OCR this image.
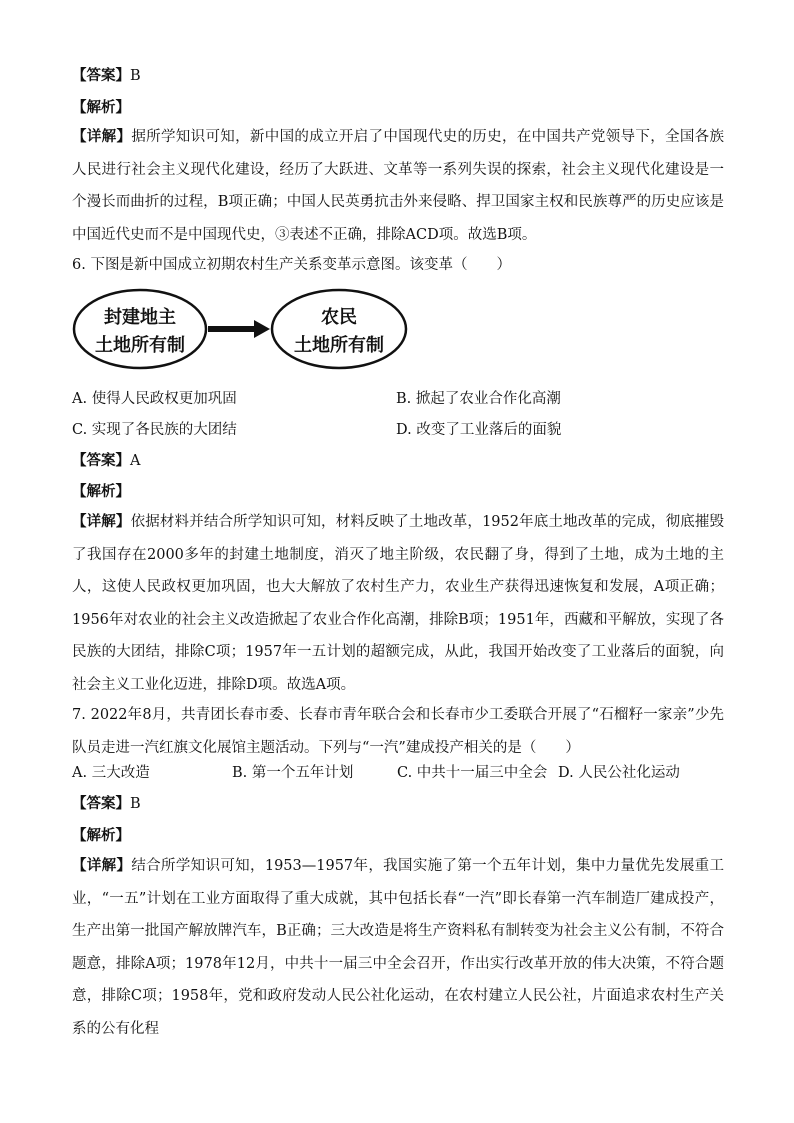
【答案】B
【解析】
【详解】据所学知识可知，新中国的成立开启了中国现代史的历史，在中国共产党领导下，全国各族人民进行社会主义现代化建设，经历了大跃进、文革等一系列失误的探索，社会主义现代化建设是一个漫长而曲折的过程，B项正确；中国人民英勇抗击外来侵略、捍卫国家主权和民族尊严的历史应该是中国近代史而不是中国现代史，③表述不正确，排除ACD项。故选B项。
6. 下图是新中国成立初期农村生产关系变革示意图。该变革（　　）
封建地主
土地所有制
农民
土地所有制
A. 使得人民政权更加巩固	B. 掀起了农业合作化高潮
C. 实现了各民族的大团结	D. 改变了工业落后的面貌
【答案】A
【解析】
【详解】依据材料并结合所学知识可知，材料反映了土地改革，1952年底土地改革的完成，彻底摧毁了我国存在2000多年的封建土地制度，消灭了地主阶级，农民翻了身，得到了土地，成为土地的主人，这使人民政权更加巩固，也大大解放了农村生产力，农业生产获得迅速恢复和发展，A项正确；1956年对农业的社会主义改造掀起了农业合作化高潮，排除B项；1951年，西藏和平解放，实现了各民族的大团结，排除C项；1957年一五计划的超额完成，从此，我国开始改变了工业落后的面貌，向社会主义工业化迈进，排除D项。故选A项。
7. 2022年8月，共青团长春市委、长春市青年联合会和长春市少工委联合开展了“石榴籽一家亲”少先队员走进一汽红旗文化展馆主题活动。下列与“一汽”建成投产相关的是（　　）
A. 三大改造	B. 第一个五年计划	C. 中共十一届三中全会 D. 人民公社化运动
【答案】B
【解析】
【详解】结合所学知识可知，1953—1957年，我国实施了第一个五年计划，集中力量优先发展重工业，“一五”计划在工业方面取得了重大成就，其中包括长春“一汽”即长春第一汽车制造厂建成投产，生产出第一批国产解放牌汽车，B正确；三大改造是将生产资料私有制转变为社会主义公有制，不符合题意，排除A项；1978年12月，中共十一届三中全会召开，作出实行改革开放的伟大决策，不符合题意，排除C项；1958年，党和政府发动人民公社化运动，在农村建立人民公社，片面追求农村生产关系的公有化程
